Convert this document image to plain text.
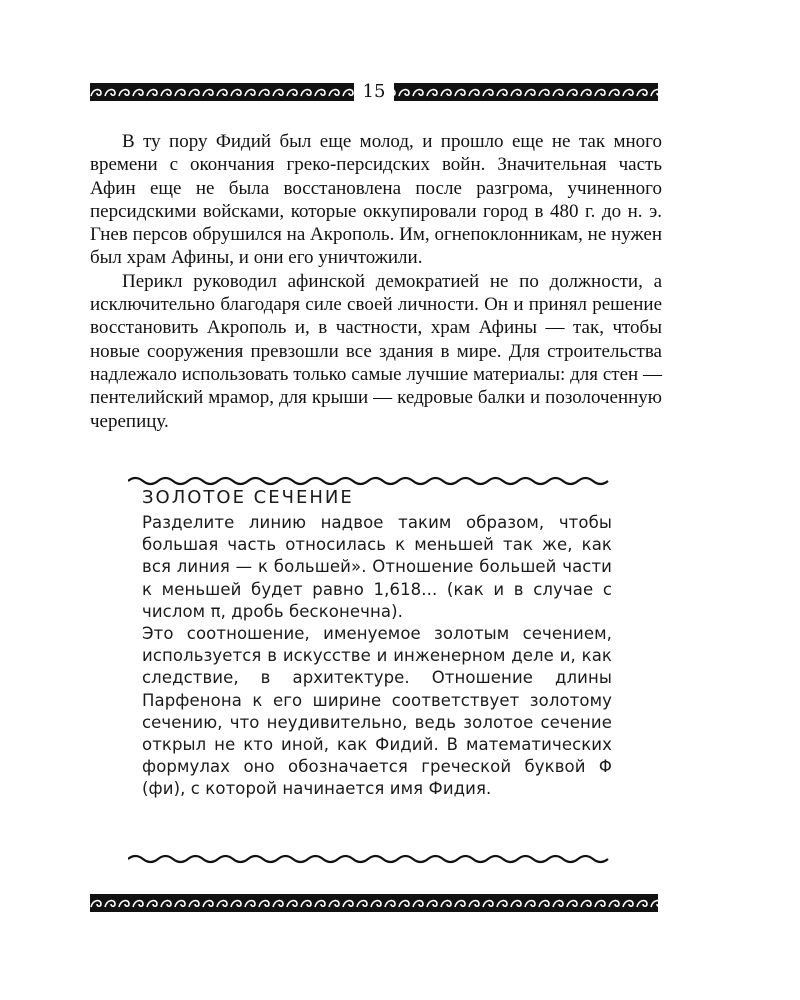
15

В ту пору Фидий был еще молод, и прошло еще не так много времени с окончания греко-персидских войн. Значительная часть Афин еще не была восстановлена после разгрома, учиненного персидскими войсками, которые оккупировали город в 480 г. до н. э. Гнев персов обрушился на Акрополь. Им, огнепоклонникам, не нужен был храм Афины, и они его уничтожили.

Перикл руководил афинской демократией не по должности, а исключительно благодаря силе своей личности. Он и принял решение восстановить Акрополь и, в частности, храм Афины — так, чтобы новые сооружения превзошли все здания в мире. Для строительства надлежало использовать только самые лучшие материалы: для стен — пентелийский мрамор, для крыши — кедровые балки и позолоченную черепицу.

ЗОЛОТОЕ СЕЧЕНИЕ

Разделите линию надвое таким образом, чтобы большая часть относилась к меньшей так же, как вся линия — к большей». Отношение большей части к меньшей будет равно 1,618... (как и в случае с числом π, дробь бесконечна).

Это соотношение, именуемое золотым сечением, используется в искусстве и инженерном деле и, как следствие, в архитектуре. Отношение длины Парфенона к его ширине соответствует золотому сечению, что неудивительно, ведь золотое сечение открыл не кто иной, как Фидий. В математических формулах оно обозначается греческой буквой Φ (фи), с которой начинается имя Фидия.
